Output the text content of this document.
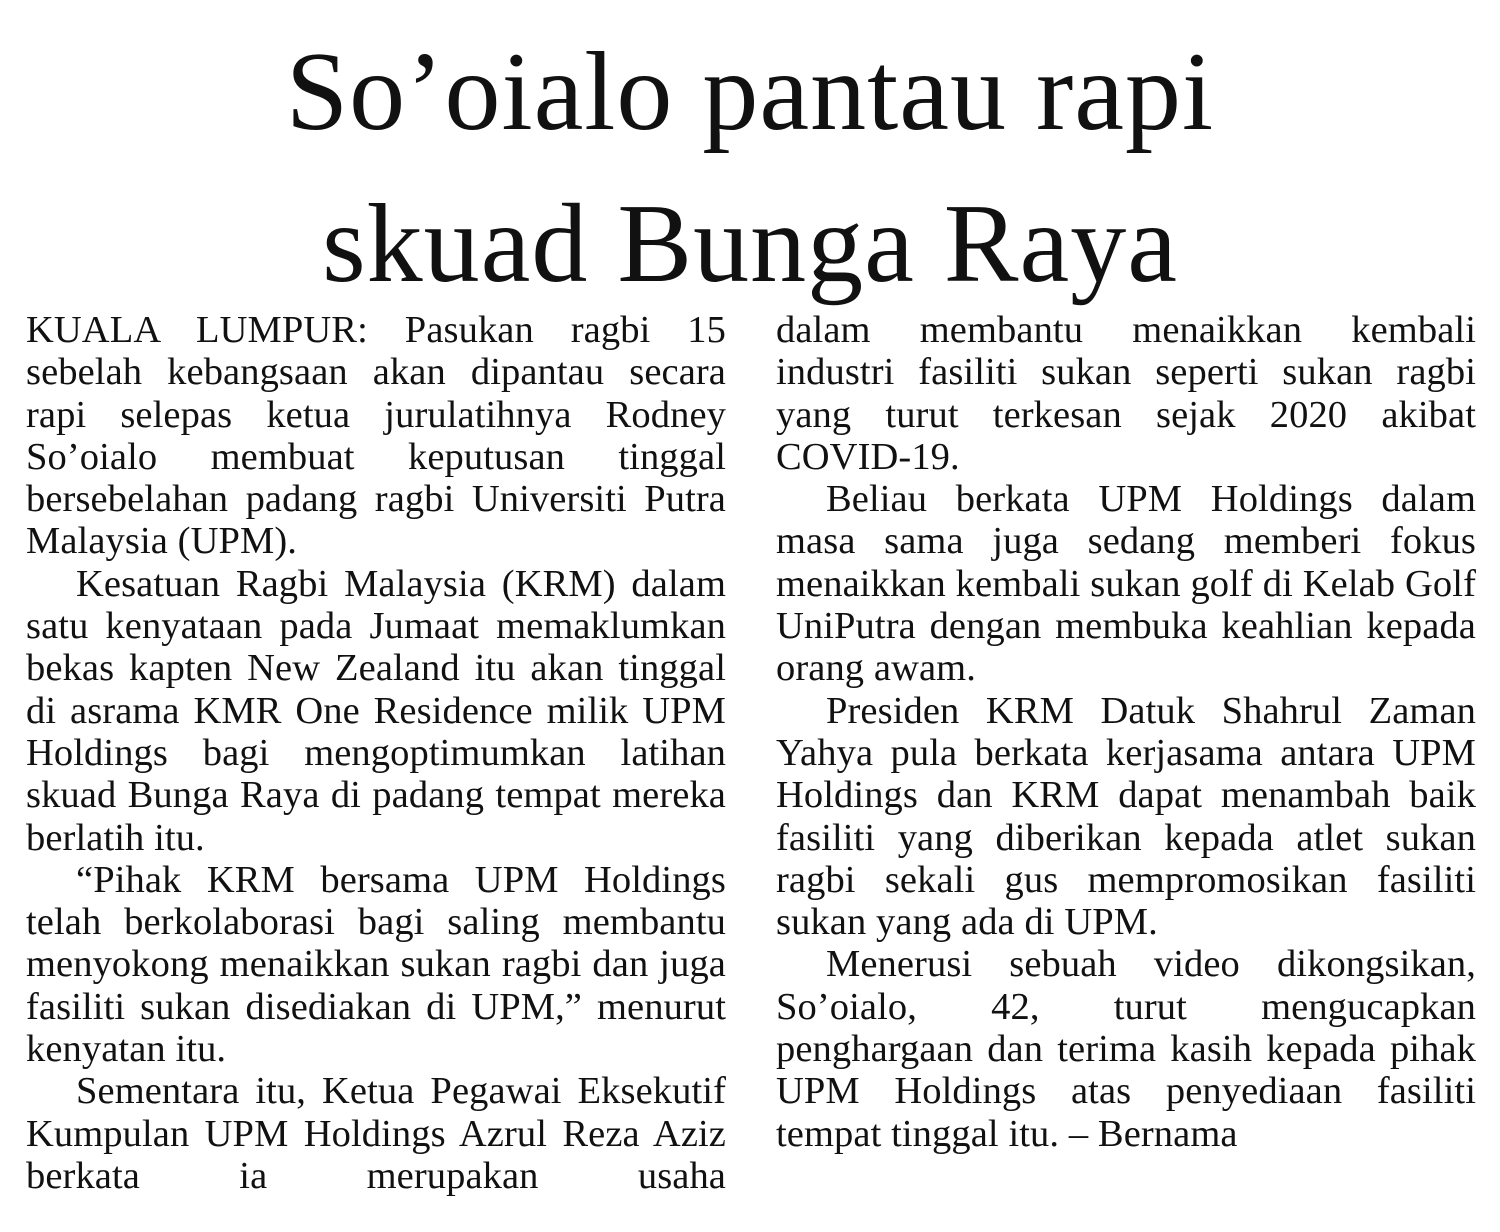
So’oialo pantau rapi
skuad Bunga Raya

KUALA LUMPUR: Pasukan ragbi 15 sebelah kebangsaan akan dipantau secara rapi selepas ketua jurulatihnya Rodney So’oialo membuat keputusan tinggal bersebelahan padang ragbi Universiti Putra Malaysia (UPM).

Kesatuan Ragbi Malaysia (KRM) dalam satu kenyataan pada Jumaat memaklumkan bekas kapten New Zealand itu akan tinggal di asrama KMR One Residence milik UPM Holdings bagi mengoptimumkan latihan skuad Bunga Raya di padang tempat mereka berlatih itu.

“Pihak KRM bersama UPM Holdings telah berkolaborasi bagi saling membantu menyokong menaikkan sukan ragbi dan juga fasiliti sukan disediakan di UPM,” menurut kenyatan itu.

Sementara itu, Ketua Pegawai Eksekutif Kumpulan UPM Holdings Azrul Reza Aziz berkata ia merupakan usaha

dalam membantu menaikkan kembali industri fasiliti sukan seperti sukan ragbi yang turut terkesan sejak 2020 akibat COVID-19.

Beliau berkata UPM Holdings dalam masa sama juga sedang memberi fokus menaikkan kembali sukan golf di Kelab Golf UniPutra dengan membuka keahlian kepada orang awam.

Presiden KRM Datuk Shahrul Zaman Yahya pula berkata kerjasama antara UPM Holdings dan KRM dapat menambah baik fasiliti yang diberikan kepada atlet sukan ragbi sekali gus mempromosikan fasiliti sukan yang ada di UPM.

Menerusi sebuah video dikongsikan, So’oialo, 42, turut mengucapkan penghargaan dan terima kasih kepada pihak UPM Holdings atas penyediaan fasiliti tempat tinggal itu. – Bernama
